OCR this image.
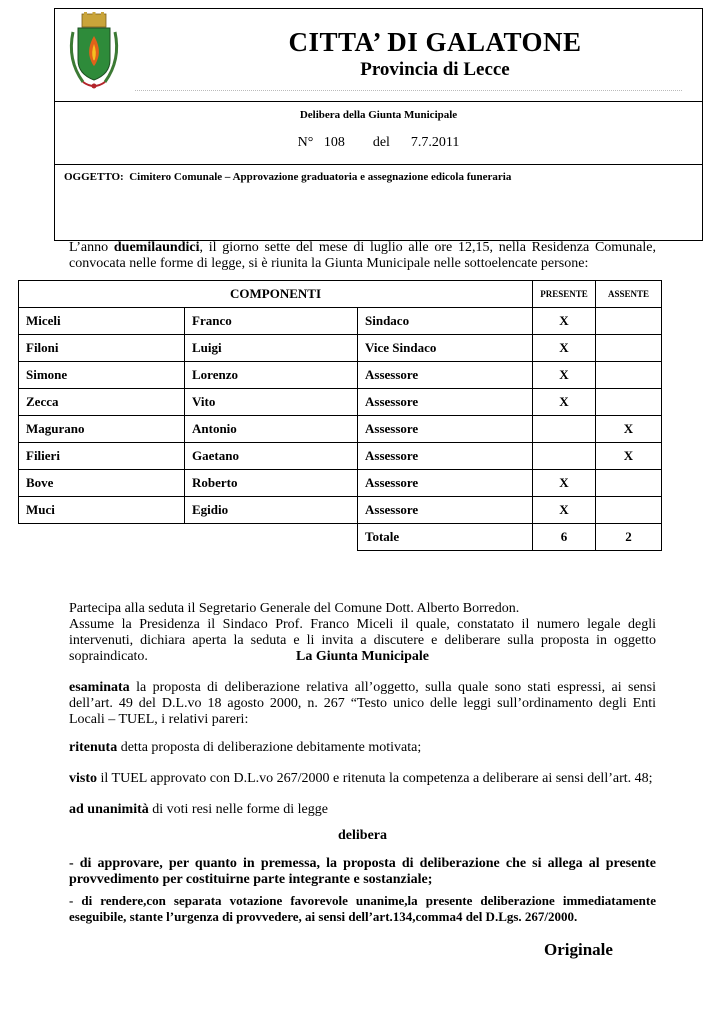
CITTA’ DI GALATONE
Provincia di Lecce
Delibera della Giunta Municipale
N° 108 del 7.7.2011
OGGETTO: Cimitero Comunale – Approvazione graduatoria e assegnazione edicola funeraria
L’anno duemilaundici, il giorno sette del mese di luglio alle ore 12,15, nella Residenza Comunale, convocata nelle forme di legge, si è riunita la Giunta Municipale nelle sottoelencate persone:
COMPONENTI			PRESENTE	ASSENTE
Miceli	Franco	Sindaco	X	
Filoni	Luigi	Vice Sindaco	X	
Simone	Lorenzo	Assessore	X	
Zecca	Vito	Assessore	X	
Magurano	Antonio	Assessore		X
Filieri	Gaetano	Assessore		X
Bove	Roberto	Assessore	X	
Muci	Egidio	Assessore	X	
		Totale	6	2
Partecipa alla seduta il Segretario Generale del Comune Dott. Alberto Borredon.
Assume la Presidenza il Sindaco Prof. Franco Miceli il quale, constatato il numero legale degli intervenuti, dichiara aperta la seduta e li invita a discutere e deliberare sulla proposta in oggetto sopraindicato.	La Giunta Municipale
esaminata la proposta di deliberazione relativa all’oggetto, sulla quale sono stati espressi, ai sensi dell’art. 49 del D.L.vo 18 agosto 2000, n. 267 “Testo unico delle leggi sull’ordinamento degli Enti Locali – TUEL, i relativi pareri:
ritenuta detta proposta di deliberazione debitamente motivata;
visto il TUEL approvato con D.L.vo 267/2000 e ritenuta la competenza a deliberare ai sensi dell’art. 48;
ad unanimità di voti resi nelle forme di legge
delibera
- di approvare, per quanto in premessa, la proposta di deliberazione che si allega al presente provvedimento per costituirne parte integrante e sostanziale;
- di rendere,con separata votazione favorevole unanime,la presente deliberazione immediatamente eseguibile, stante l’urgenza di provvedere, ai sensi dell’art.134,comma4 del D.Lgs. 267/2000.
Originale
